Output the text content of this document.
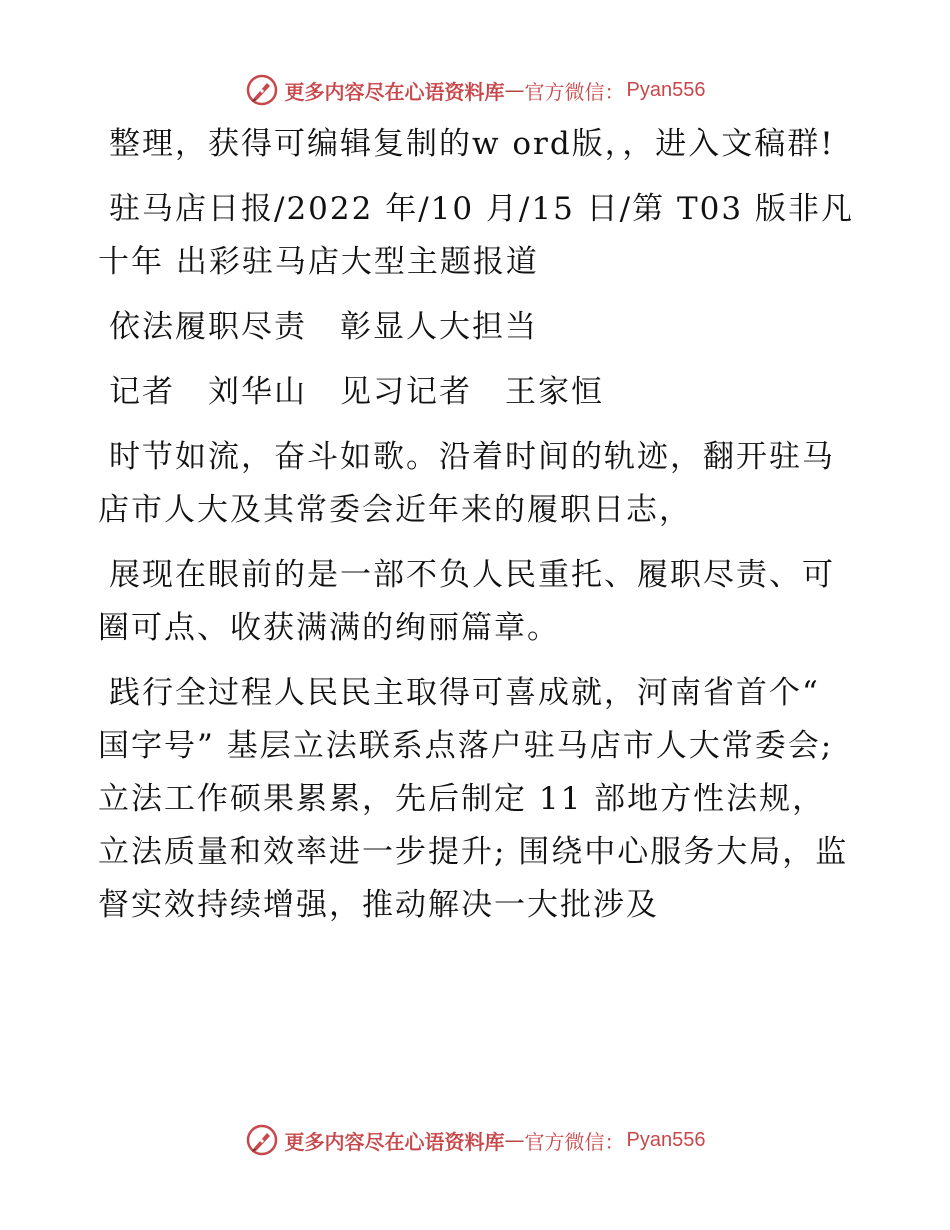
更多内容尽在心语资料库 — 官方微信： Pyan556

整理，获得可编辑复制的w ord版，，进入文稿群!

驻马店日报/2022 年/10 月/15 日/第 T03 版非凡十年 出彩驻马店大型主题报道

依法履职尽责　彰显人大担当

记者　刘华山　见习记者　王家恒

时节如流，奋斗如歌。沿着时间的轨迹，翻开驻马店市人大及其常委会近年来的履职日志，

展现在眼前的是一部不负人民重托、履职尽责、可圈可点、收获满满的绚丽篇章。

践行全过程人民民主取得可喜成就，河南省首个“ 国字号” 基层立法联系点落户驻马店市人大常委会; 立法工作硕果累累，先后制定 11 部地方性法规，立法质量和效率进一步提升; 围绕中心服务大局，监督实效持续增强，推动解决一大批涉及

更多内容尽在心语资料库 — 官方微信： Pyan556
